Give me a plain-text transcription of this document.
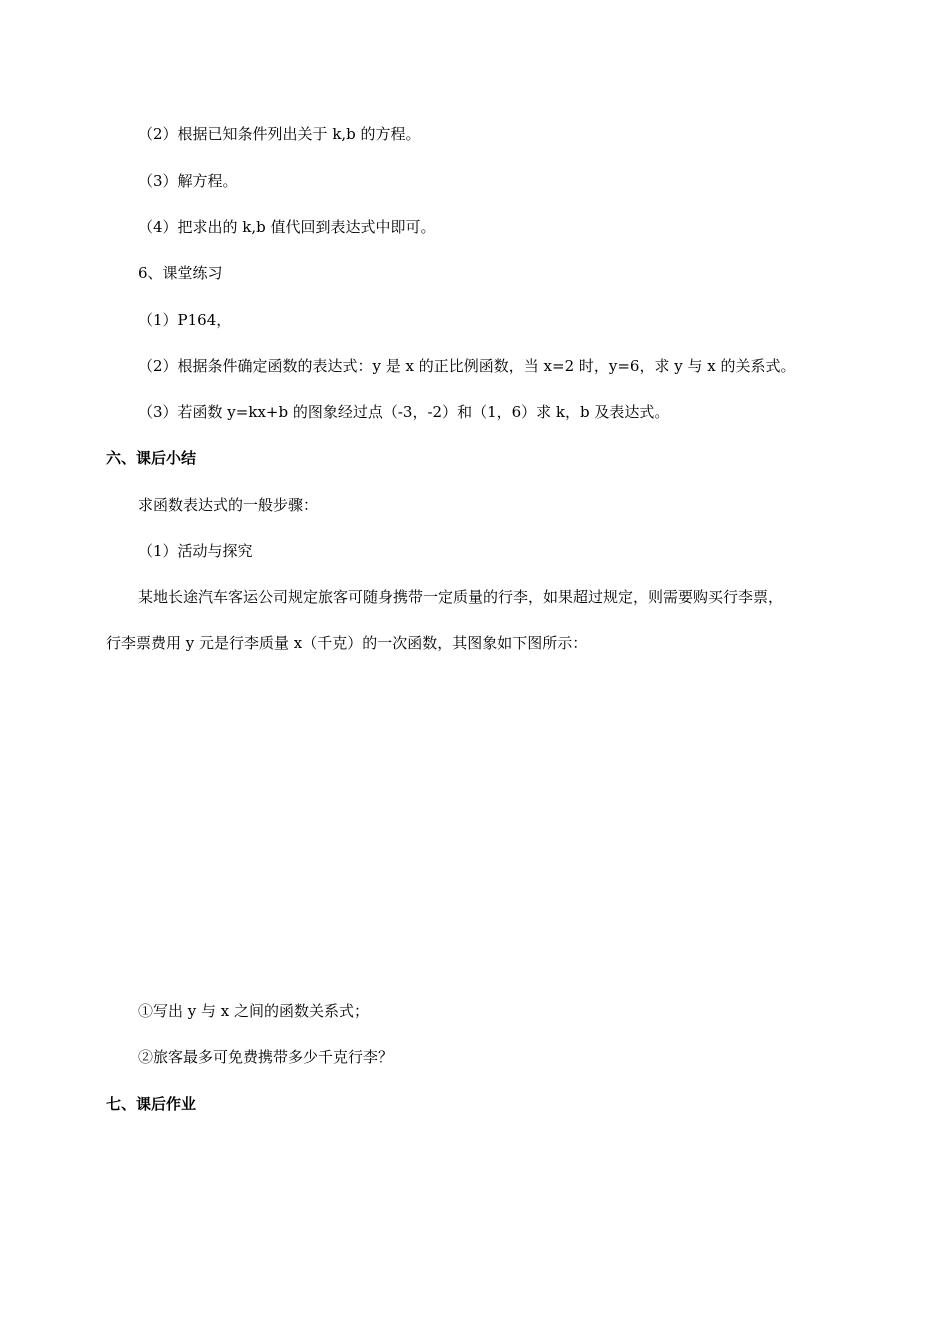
（2）根据已知条件列出关于 k,b 的方程。
（3）解方程。
（4）把求出的 k,b 值代回到表达式中即可。
6、课堂练习
（1）P164，
（2）根据条件确定函数的表达式：y 是 x 的正比例函数，当 x=2 时，y=6，求 y 与 x 的关系式。
（3）若函数 y=kx+b 的图象经过点（-3，-2）和（1，6）求 k，b 及表达式。
六、课后小结
求函数表达式的一般步骤：
（1）活动与探究
某地长途汽车客运公司规定旅客可随身携带一定质量的行李，如果超过规定，则需要购买行李票，
行李票费用 y 元是行李质量 x（千克）的一次函数，其图象如下图所示：
①写出 y 与 x 之间的函数关系式；
②旅客最多可免费携带多少千克行李？
七、课后作业
